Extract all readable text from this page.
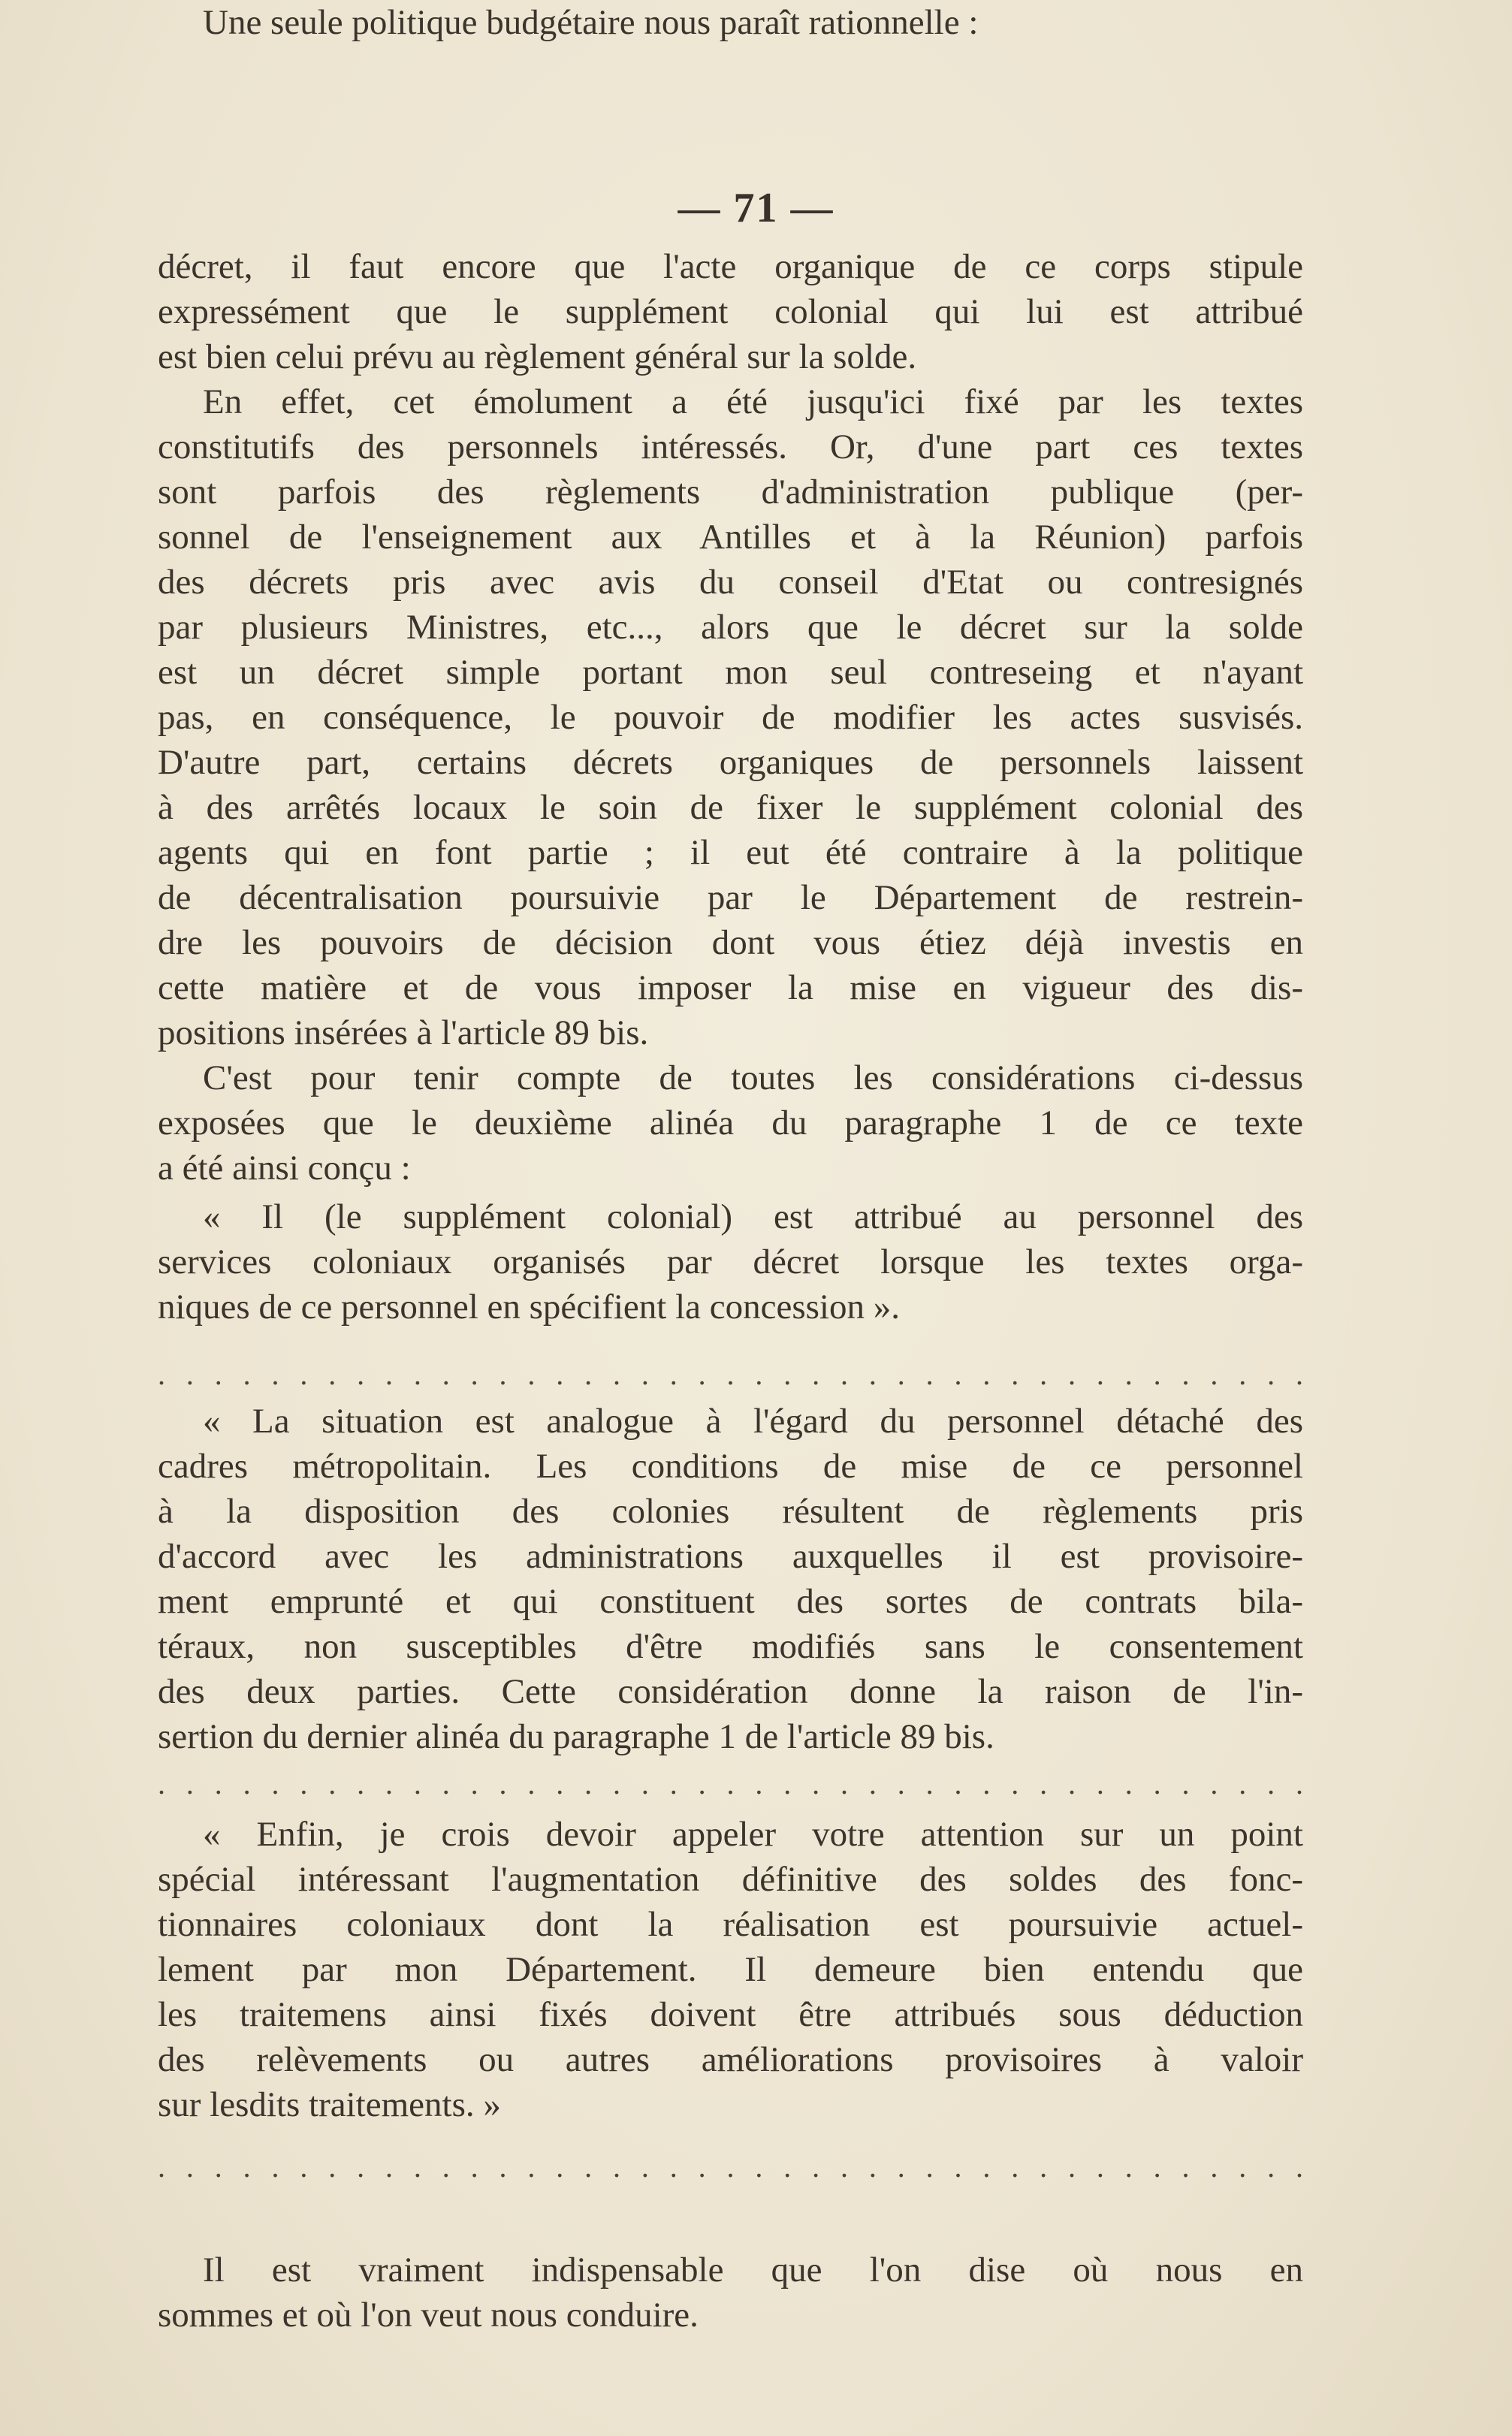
— 71 —
décret, il faut encore que l'acte organique de ce corps stipule
expressément que le supplément colonial qui lui est attribué
est bien celui prévu au règlement général sur la solde.
En effet, cet émolument a été jusqu'ici fixé par les textes
constitutifs des personnels intéressés. Or, d'une part ces textes
sont parfois des règlements d'administration publique (per-
sonnel de l'enseignement aux Antilles et à la Réunion) parfois
des décrets pris avec avis du conseil d'Etat ou contresignés
par plusieurs Ministres, etc..., alors que le décret sur la solde
est un décret simple portant mon seul contreseing et n'ayant
pas, en conséquence, le pouvoir de modifier les actes susvisés.
D'autre part, certains décrets organiques de personnels laissent
à des arrêtés locaux le soin de fixer le supplément colonial des
agents qui en font partie ; il eut été contraire à la politique
de décentralisation poursuivie par le Département de restrein-
dre les pouvoirs de décision dont vous étiez déjà investis en
cette matière et de vous imposer la mise en vigueur des dis-
positions insérées à l'article 89 bis.
C'est pour tenir compte de toutes les considérations ci-dessus
exposées que le deuxième alinéa du paragraphe 1 de ce texte
a été ainsi conçu :
« Il (le supplément colonial) est attribué au personnel des
services coloniaux organisés par décret lorsque les textes orga-
niques de ce personnel en spécifient la concession ».
. . . . . . . . . . . . . . . . . . . . . . . . . . . . . . . . . . . . . . . . .
« La situation est analogue à l'égard du personnel détaché des
cadres métropolitain. Les conditions de mise de ce personnel
à la disposition des colonies résultent de règlements pris
d'accord avec les administrations auxquelles il est provisoire-
ment emprunté et qui constituent des sortes de contrats bila-
téraux, non susceptibles d'être modifiés sans le consentement
des deux parties. Cette considération donne la raison de l'in-
sertion du dernier alinéa du paragraphe 1 de l'article 89 bis.
. . . . . . . . . . . . . . . . . . . . . . . . . . . . . . . . . . . . . . . . .
« Enfin, je crois devoir appeler votre attention sur un point
spécial intéressant l'augmentation définitive des soldes des fonc-
tionnaires coloniaux dont la réalisation est poursuivie actuel-
lement par mon Département. Il demeure bien entendu que
les traitemens ainsi fixés doivent être attribués sous déduction
des relèvements ou autres améliorations provisoires à valoir
sur lesdits traitements. »
. . . . . . . . . . . . . . . . . . . . . . . . . . . . . . . . . . . . . . . . .
Il est vraiment indispensable que l'on dise où nous en
sommes et où l'on veut nous conduire.
Une seule politique budgétaire nous paraît rationnelle :
